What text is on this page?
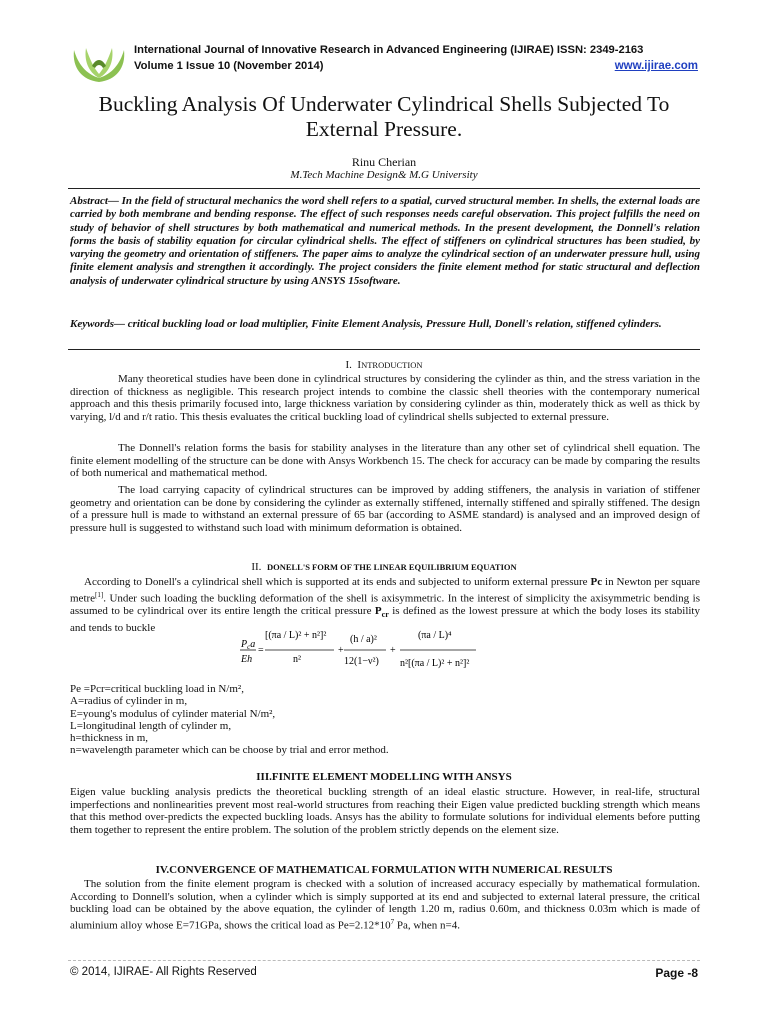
International Journal of Innovative Research in Advanced Engineering (IJIRAE) ISSN: 2349-2163
Volume 1 Issue 10 (November 2014)	www.ijirae.com
Buckling Analysis Of Underwater Cylindrical Shells Subjected To External Pressure.
Rinu Cherian
M.Tech Machine Design& M.G University

Abstract— In the field of structural mechanics the word shell refers to a spatial, curved structural member. In shells, the external loads are carried by both membrane and bending response. The effect of such responses needs careful observation. This project fulfills the need on study of behavior of shell structures by both mathematical and numerical methods. In the present development, the Donnell's relation forms the basis of stability equation for circular cylindrical shells. The effect of stiffeners on cylindrical structures has been studied, by varying the geometry and orientation of stiffeners. The paper aims to analyze the cylindrical section of an underwater pressure hull, using finite element analysis and strengthen it accordingly. The project considers the finite element method for static structural and deflection analysis of underwater cylindrical structure by using ANSYS 15software.

Keywords— critical buckling load or load multiplier, Finite Element Analysis, Pressure Hull, Donell's relation, stiffened cylinders.

I. INTRODUCTION

Many theoretical studies have been done in cylindrical structures by considering the cylinder as thin, and the stress variation in the direction of thickness as negligible. This research project intends to combine the classic shell theories with the contemporary numerical approach and this thesis primarily focused into, large thickness variation by considering cylinder as thin, moderately thick as well as thick by varying, l/d and r/t ratio. This thesis evaluates the critical buckling load of cylindrical shells subjected to external pressure.

The Donnell's relation forms the basis for stability analyses in the literature than any other set of cylindrical shell equation. The finite element modelling of the structure can be done with Ansys Workbench 15. The check for accuracy can be made by comparing the results of both numerical and mathematical method.

The load carrying capacity of cylindrical structures can be improved by adding stiffeners, the analysis in variation of stiffener geometry and orientation can be done by considering the cylinder as externally stiffened, internally stiffened and spirally stiffened. The design of a pressure hull is made to withstand an external pressure of 65 bar (according to ASME standard) is analysed and an improved design of pressure hull is suggested to withstand such load with minimum deformation is obtained.

II. DONELL'S FORM OF THE LINEAR EQUILIBRIUM EQUATION

According to Donell's a cylindrical shell which is supported at its ends and subjected to uniform external pressure Pc in Newton per square metre[1]. Under such loading the buckling deformation of the shell is axisymmetric. In the interest of simplicity the axisymmetric bending is assumed to be cylindrical over its entire length the critical pressure $P_{cr}$ is defined as the lowest pressure at which the body loses its stability and tends to buckle

$P_ca$
Eh
=
[(πa / L)² + n²]²
n²
+
(h / a)²
12(1−ν²)
+
(πa / L)⁴
n²[(πa / L)² + n²]²
Pe =Pcr=critical buckling load in N/m²,
A=radius of cylinder in m,
E=young's modulus of cylinder material N/m²,
L=longitudinal length of cylinder m,
h=thickness in m,
n=wavelength parameter which can be choose by trial and error method.

III.FINITE ELEMENT MODELLING WITH ANSYS

Eigen value buckling analysis predicts the theoretical buckling strength of an ideal elastic structure. However, in real-life, structural imperfections and nonlinearities prevent most real-world structures from reaching their Eigen value predicted buckling strength which means that this method over-predicts the expected buckling loads. Ansys has the ability to formulate solutions for individual elements before putting them together to represent the entire problem. The solution of the problem strictly depends on the element size.

IV.CONVERGENCE OF MATHEMATICAL FORMULATION WITH NUMERICAL RESULTS

The solution from the finite element program is checked with a solution of increased accuracy especially by mathematical formulation. According to Donnell's solution, when a cylinder which is simply supported at its end and subjected to external lateral pressure, the critical buckling load can be obtained by the above equation, the cylinder of length 1.20 m, radius 0.60m, and thickness 0.03m which is made of aluminium alloy whose E=71GPa, shows the critical load as $Pe=2.12*10^7$ Pa, when n=4.

© 2014, IJIRAE- All Rights Reserved	Page -8
